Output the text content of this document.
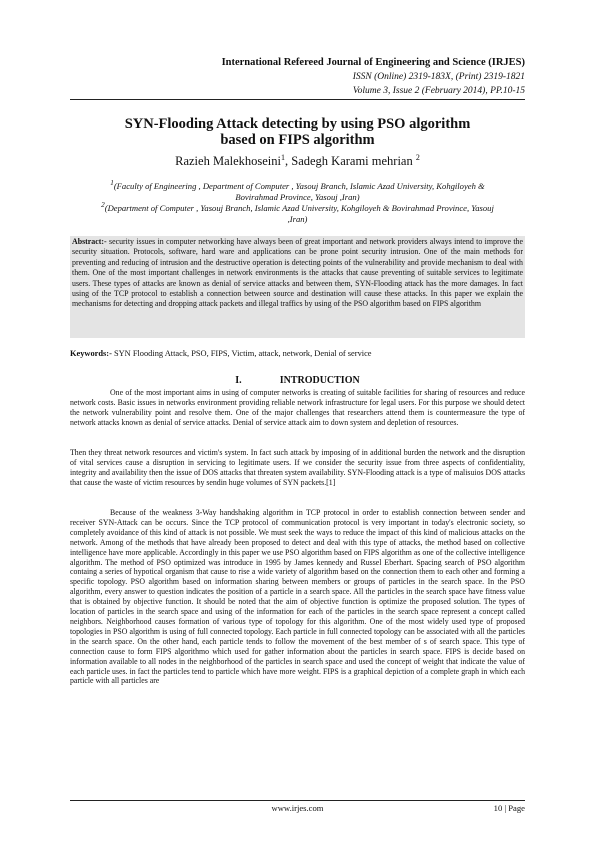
International Refereed Journal of Engineering and Science (IRJES)
ISSN (Online) 2319-183X, (Print) 2319-1821
Volume 3, Issue 2 (February 2014), PP.10-15
SYN-Flooding Attack detecting by using PSO algorithm
based on FIPS algorithm
Razieh Malekhoseini$^1$, Sadegh Karami mehrian $^2$
$^1$(Faculty of Engineering , Department of Computer , Yasouj Branch, Islamic Azad University, Kohgiloyeh & Bovirahmad Province, Yasouj ,Iran)
$^2$(Department of Computer , Yasouj Branch, Islamic Azad University, Kohgiloyeh & Bovirahmad Province, Yasouj ,Iran)
Abstract:- security issues in computer networking have always been of great important and network providers always intend to improve the security situation. Protocols, software, hard ware and applications can be prone point security intrusion. One of the main methods for preventing and reducing of intrusion and the destructive operation is detecting points of the vulnerability and provide mechanism to deal with them. One of the most important challenges in network environments is the attacks that cause preventing of suitable services to legitimate users. These types of attacks are known as denial of service attacks and between them, SYN-Flooding attack has the more damages. In fact using of the TCP protocol to establish a connection between source and destination will cause these attacks. In this paper we explain the mechanisms for detecting and dropping attack packets and illegal traffics by using of the PSO algorithm based on FIPS algorithm
Keywords:- SYN Flooding Attack, PSO, FIPS, Victim, attack, network, Denial of service
I.	INTRODUCTION

One of the most important aims in using of computer networks is creating of suitable facilities for sharing of resources and reduce network costs. Basic issues in networks environment providing reliable network infrastructure for legal users. For this purpose we should detect the network vulnerability point and resolve them. One of the major challenges that researchers attend them is countermeasure the type of network attacks known as denial of service attacks. Denial of service attack aim to down system and depletion of resources.

Then they threat network resources and victim's system. In fact such attack by imposing of in additional burden the network and the disruption of vital services cause a disruption in servicing to legitimate users. If we consider the security issue from three aspects of confidentiality, integrity and availability then the issue of DOS attacks that threaten system availability. SYN-Flooding attack is a type of malisuios DOS attacks that cause the waste of victim resources by sendin huge volumes of SYN packets.[1]

Because of the weakness 3-Way handshaking algorithm in TCP protocol in order to establish connection between sender and receiver SYN-Attack can be occurs. Since the TCP protocol of communication protocol is very important in today's electronic society, so completely avoidance of this kind of attack is not possible. We must seek the ways to reduce the impact of this kind of malicious attacks on the network. Among of the methods that have already been proposed to detect and deal with this type of attacks, the method based on collective intelligence have more applicable. Accordingly in this paper we use PSO algorithm based on FIPS algorithm as one of the collective intelligence algorithm. The method of PSO optimized was introduce in 1995 by James kennedy and Russel Eberhart. Spacing search of PSO algorithm containg a series of hypotical organism that cause to rise a wide variety of algorithm based on the connection them to each other and forming a specific topology. PSO algorithm based on information sharing between members or groups of particles in the search space. In the PSO algorithm, every answer to question indicates the position of a particle in a search space. All the particles in the search space have fitness value that is obtained by objective function. It should be noted that the aim of objective function is optimize the proposed solution. The types of location of particles in the search space and using of the information for each of the particles in the search space represent a concept called neighbors. Neighborhood causes formation of various type of topology for this algorithm. One of the most widely used type of proposed topologies in PSO algorithm is using of full connected topology. Each particle in full connected topology can be associated with all the particles in the search space. On the other hand, each particle tends to follow the movement of the best member of s of search space. This type of connection cause to form FIPS algorithmo which used for gather information about the particles in search space. FIPS is decide based on information available to all nodes in the neighborhood of the particles in search space and used the concept of weight that indicate the value of each particle uses. in fact the particles tend to particle which have more weight. FIPS is a graphical depiction of a complete graph in which each particle with all particles are

www.irjes.com	10 | Page
